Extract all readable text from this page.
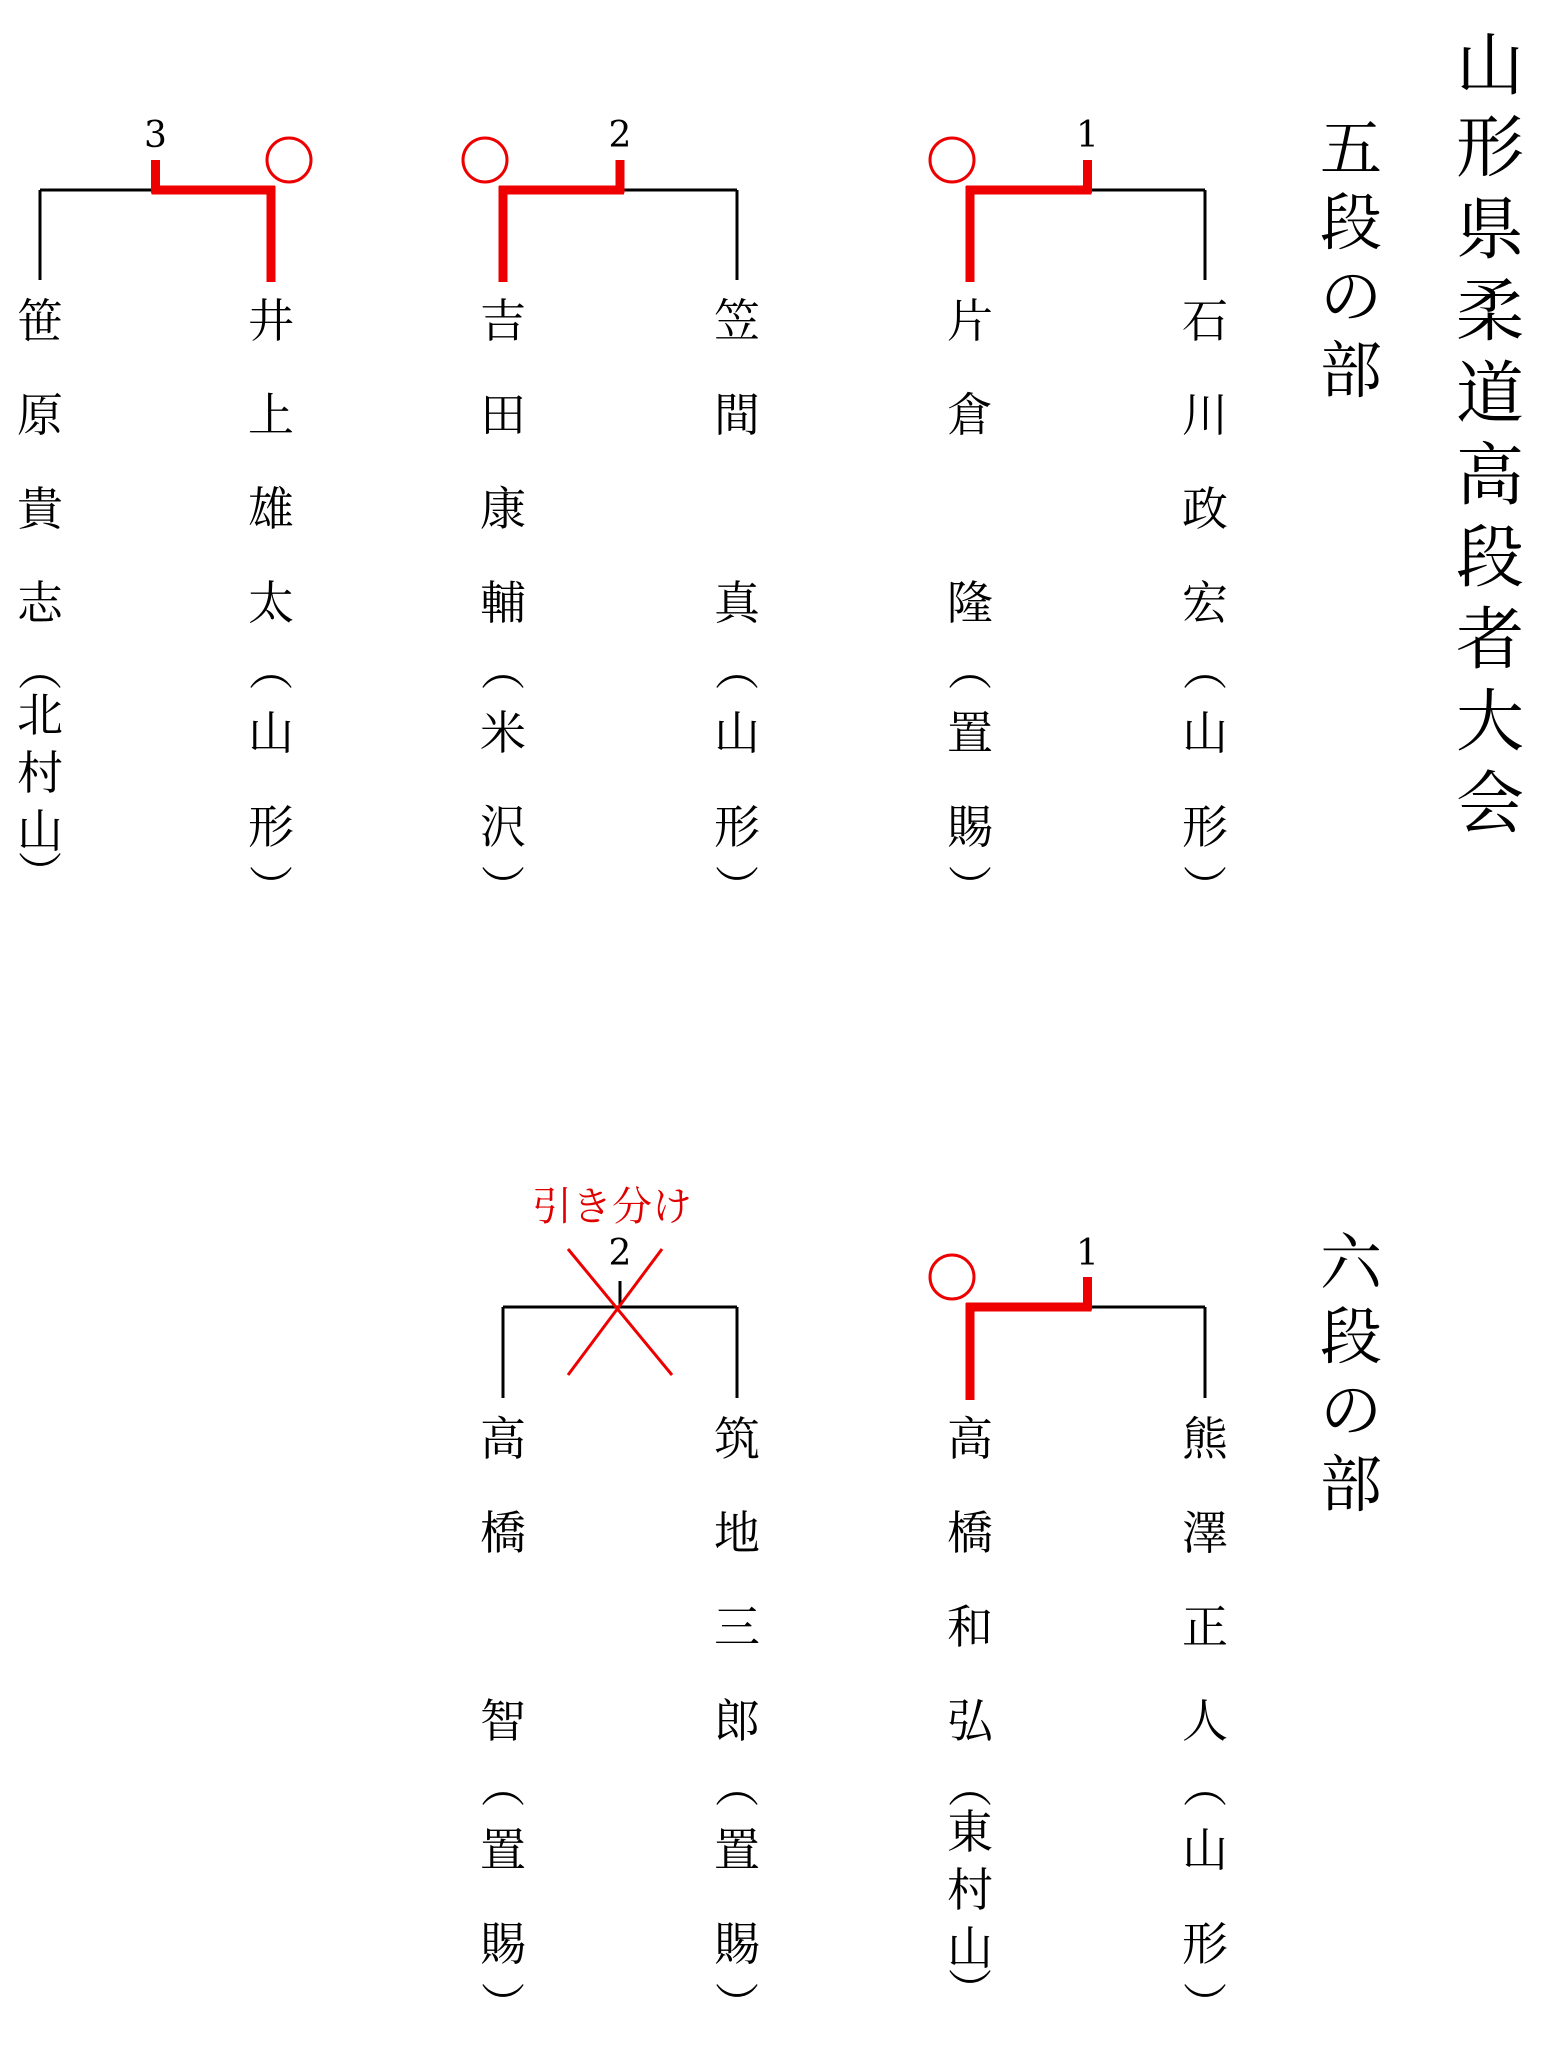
山
形
県
柔
道
高
段
者
大
会
五
段
の
部
六
段
の
部
1
石
川
政
宏
︵
山
形
︶
片
倉

隆
︵
置
賜
︶
2
笠
間

真
︵
山
形
︶
吉
田
康
輔
︵
米
沢
︶
3
井
上
雄
太
︵
山
形
︶
笹
原
貴
志
︵
北
村
山
︶
1
熊
澤
正
人
︵
山
形
︶
高
橋
和
弘
︵
東
村
山
︶
引き分け
2
筑
地
三
郎
︵
置
賜
︶
高
橋

智
︵
置
賜
︶
